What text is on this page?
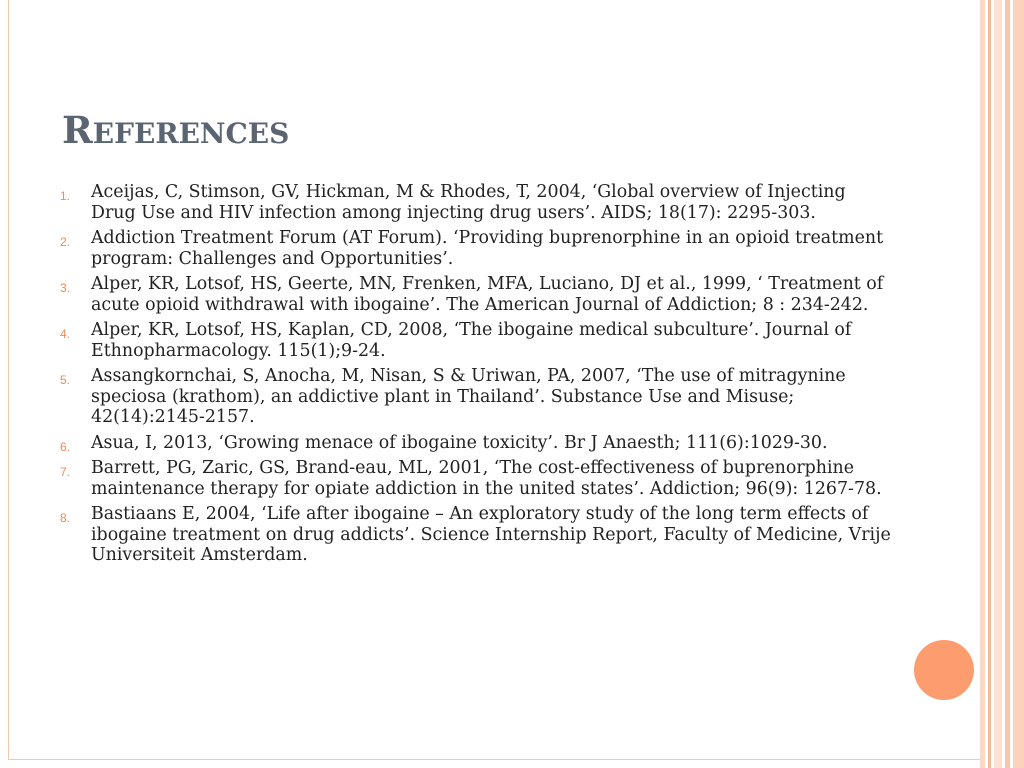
REFERENCES
1. Aceijas, C, Stimson, GV, Hickman, M & Rhodes, T, 2004, ‘Global overview of Injecting Drug Use and HIV infection among injecting drug users’. AIDS; 18(17): 2295-303.
2. Addiction Treatment Forum (AT Forum). ‘Providing buprenorphine in an opioid treatment program: Challenges and Opportunities’.
3. Alper, KR, Lotsof, HS, Geerte, MN, Frenken, MFA, Luciano, DJ et al., 1999, ‘ Treatment of acute opioid withdrawal with ibogaine’. The American Journal of Addiction; 8 : 234-242.
4. Alper, KR, Lotsof, HS, Kaplan, CD, 2008, ‘The ibogaine medical subculture’. Journal of Ethnopharmacology. 115(1);9-24.
5. Assangkornchai, S, Anocha, M, Nisan, S & Uriwan, PA, 2007, ‘The use of mitragynine speciosa (krathom), an addictive plant in Thailand’. Substance Use and Misuse; 42(14):2145-2157.
6. Asua, I, 2013, ‘Growing menace of ibogaine toxicity’. Br J Anaesth; 111(6):1029-30.
7. Barrett, PG, Zaric, GS, Brand-eau, ML, 2001, ‘The cost-effectiveness of buprenorphine maintenance therapy for opiate addiction in the united states’. Addiction; 96(9): 1267-78.
8. Bastiaans E, 2004, ‘Life after ibogaine – An exploratory study of the long term effects of ibogaine treatment on drug addicts’. Science Internship Report, Faculty of Medicine, Vrije Universiteit Amsterdam.
